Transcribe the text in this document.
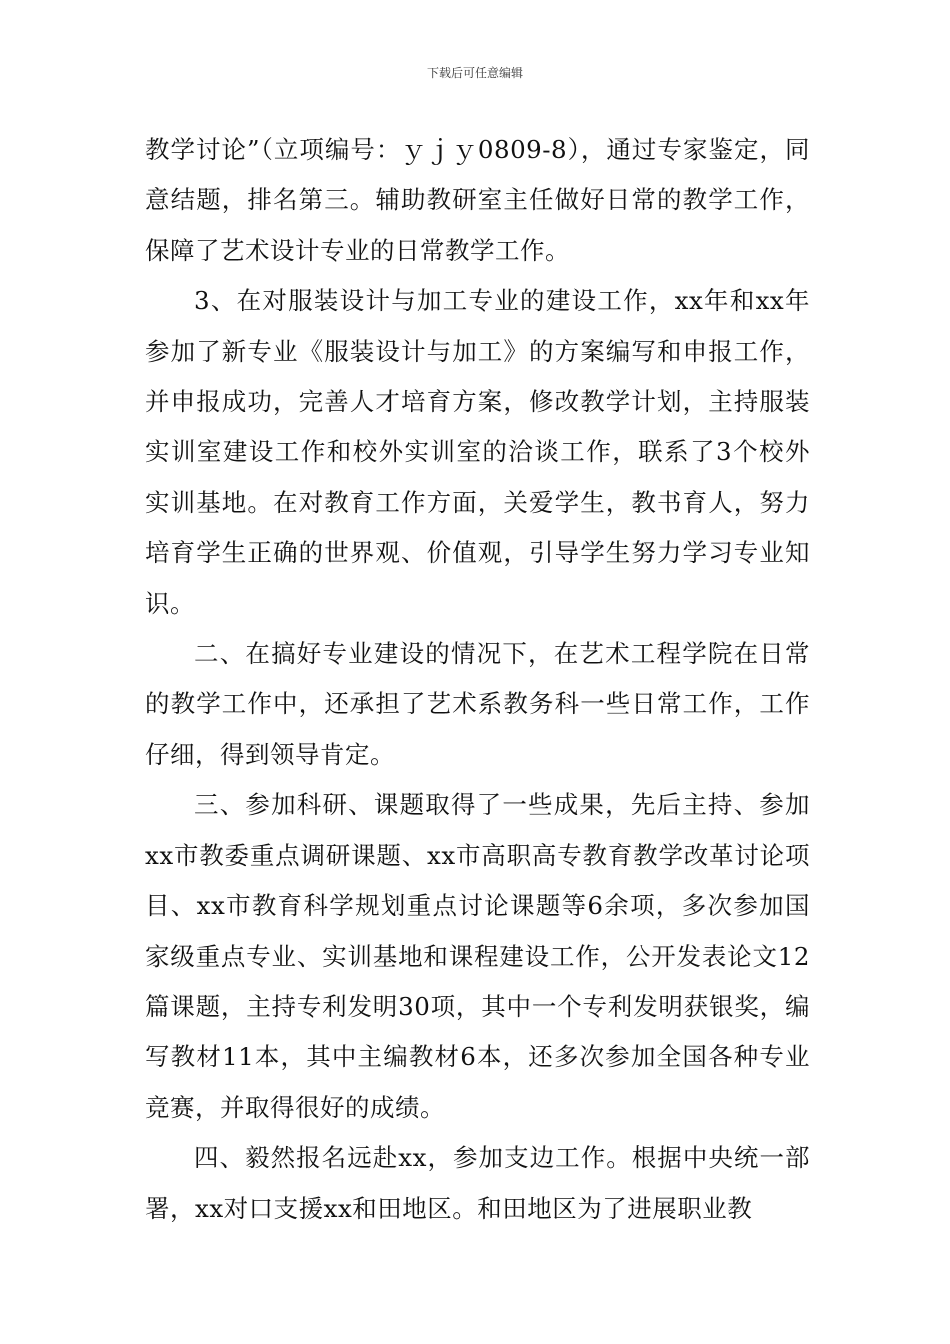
下载后可任意编辑

教学讨论”（立项编号：ｙｊｙ0809-8），通过专家鉴定，同意结题，排名第三。辅助教研室主任做好日常的教学工作，保障了艺术设计专业的日常教学工作。

3、在对服装设计与加工专业的建设工作，xx年和xx年参加了新专业《服装设计与加工》的方案编写和申报工作，并申报成功，完善人才培育方案，修改教学计划，主持服装实训室建设工作和校外实训室的洽谈工作，联系了3个校外实训基地。在对教育工作方面，关爱学生，教书育人，努力培育学生正确的世界观、价值观，引导学生努力学习专业知识。

二、在搞好专业建设的情况下，在艺术工程学院在日常的教学工作中，还承担了艺术系教务科一些日常工作，工作仔细，得到领导肯定。

三、参加科研、课题取得了一些成果，先后主持、参加xx市教委重点调研课题、xx市高职高专教育教学改革讨论项目、xx市教育科学规划重点讨论课题等6余项，多次参加国家级重点专业、实训基地和课程建设工作，公开发表论文12篇课题，主持专利发明30项，其中一个专利发明获银奖，编写教材11本，其中主编教材6本，还多次参加全国各种专业竞赛，并取得很好的成绩。

四、毅然报名远赴xx，参加支边工作。根据中央统一部署，xx对口支援xx和田地区。和田地区为了进展职业教
